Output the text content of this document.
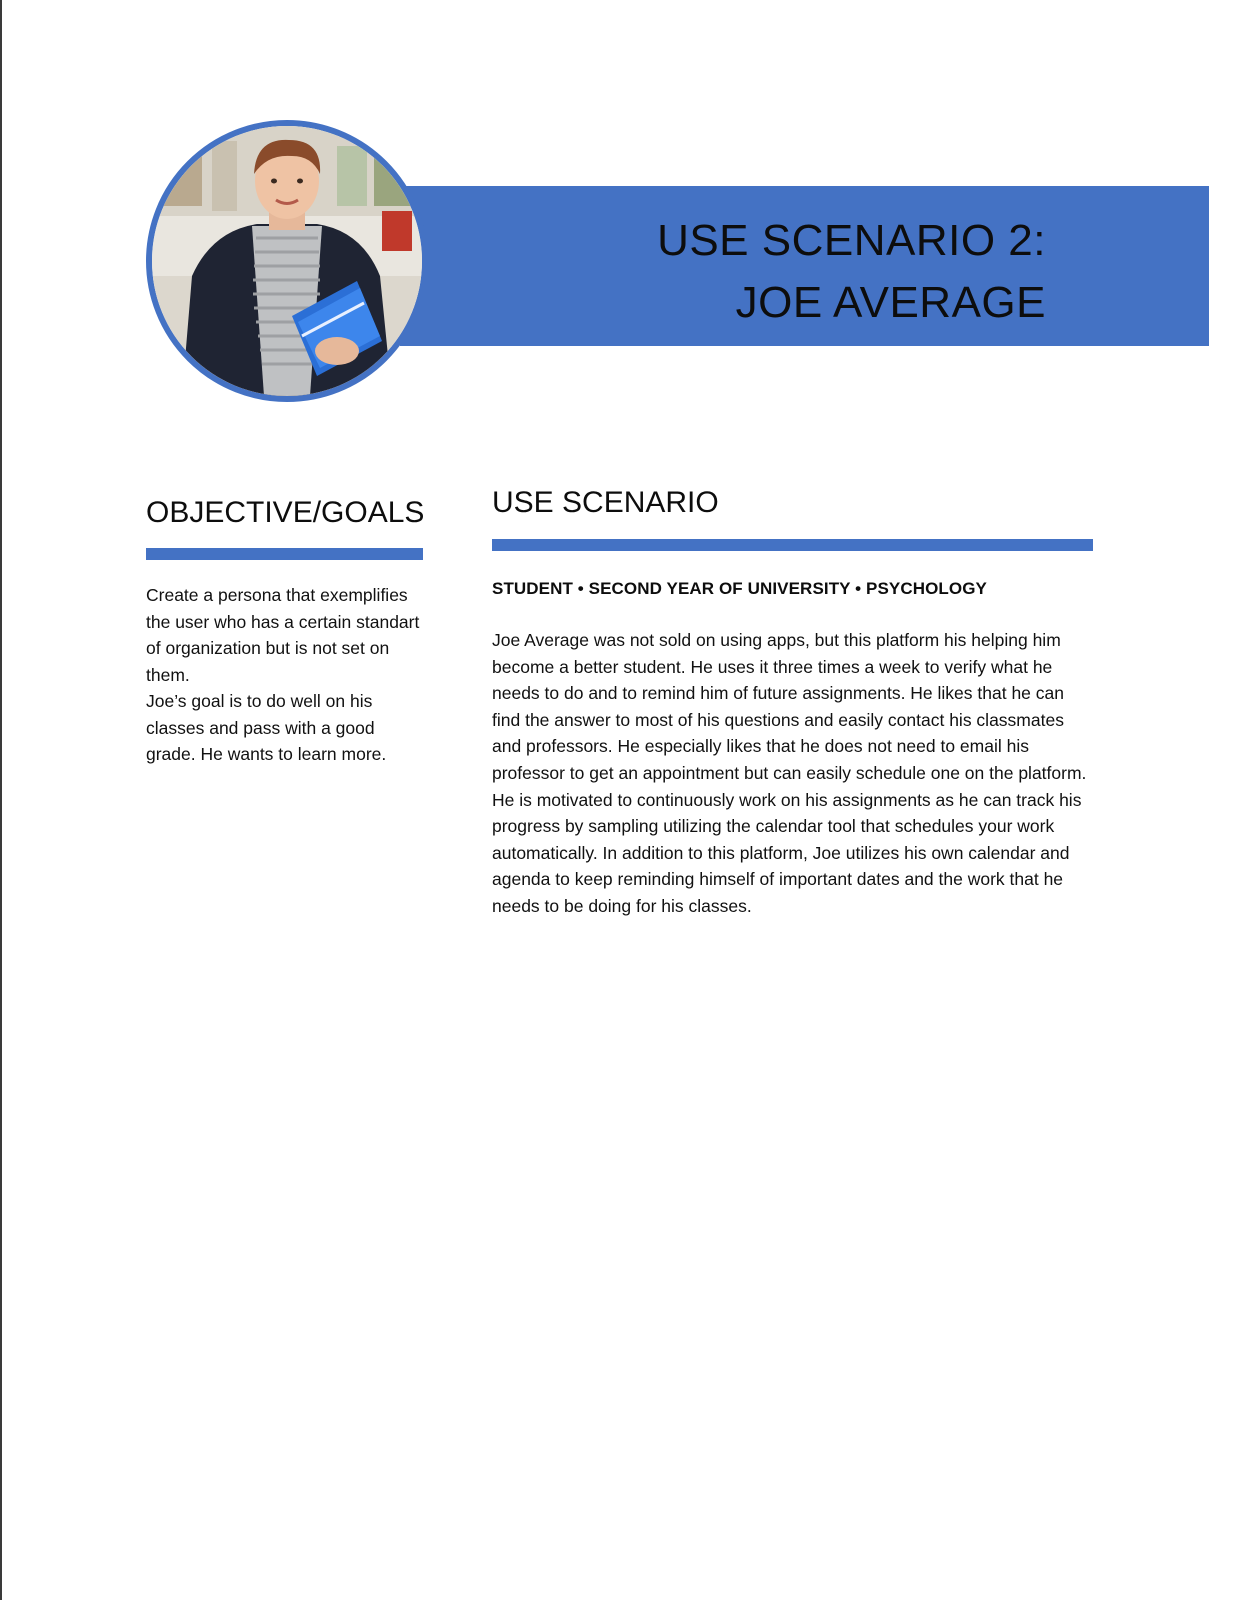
USE SCENARIO 2:
JOE AVERAGE
OBJECTIVE/GOALS

Create a persona that exemplifies the user who has a certain standart of organization but is not set on them.

Joe’s goal is to do well on his classes and pass with a good grade. He wants to learn more.

USE SCENARIO

STUDENT • SECOND YEAR OF UNIVERSITY • PSYCHOLOGY

Joe Average was not sold on using apps, but this platform his helping him become a better student. He uses it three times a week to verify what he needs to do and to remind him of future assignments. He likes that he can find the answer to most of his questions and easily contact his classmates and professors. He especially likes that he does not need to email his professor to get an appointment but can easily schedule one on the platform. He is motivated to continuously work on his assignments as he can track his progress by sampling utilizing the calendar tool that schedules your work automatically. In addition to this platform, Joe utilizes his own calendar and agenda to keep reminding himself of important dates and the work that he needs to be doing for his classes.
